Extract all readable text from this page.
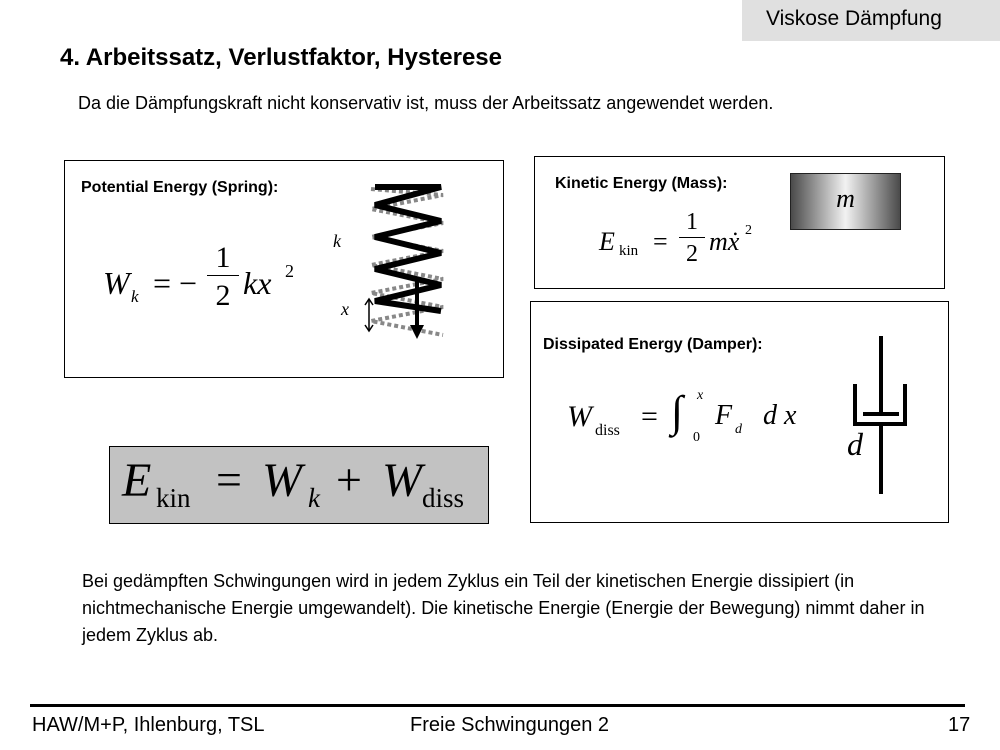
Viskose Dämpfung
4. Arbeitssatz, Verlustfaktor, Hysterese
Da die Dämpfungskraft nicht konservativ ist, muss der Arbeitssatz angewendet werden.
Potential Energy (Spring):
W k = − $\frac{1}{2}$ kx 2
k
x
Kinetic Energy (Mass):
E kin = $\frac{1}{2}$ mẋ 2
m
Dissipated Energy (Damper):
W diss = ∫ x
0
F d d x
d
E kin = W k + W diss
Bei gedämpften Schwingungen wird in jedem Zyklus ein Teil der kinetischen Energie dissipiert (in nichtmechanische Energie umgewandelt). Die kinetische Energie (Energie der Bewegung) nimmt daher in jedem Zyklus ab.
HAW/M+P, Ihlenburg, TSL	Freie Schwingungen 2	17
